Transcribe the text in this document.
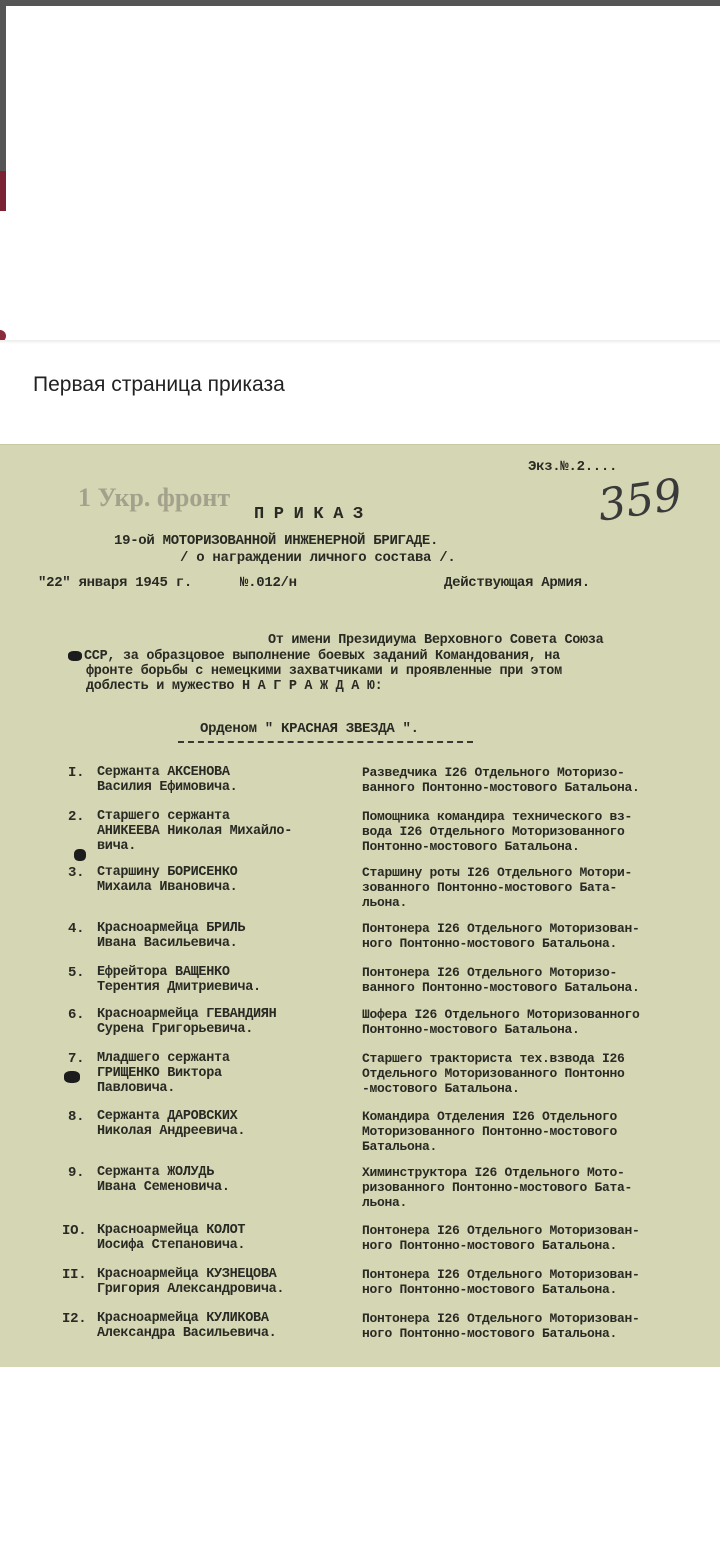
Первая страница приказа
1 Укр. фронт
Экз.№.2....
359
П Р И К А З
19-ой МОТОРИЗОВАННОЙ ИНЖЕНЕРНОЙ БРИГАДЕ.
/ о награждении личного состава /.
"22" января 1945 г.	№.012/н	Действующая Армия.
От имени Президиума Верховного Совета Союза
ССР, за образцовое выполнение боевых заданий Командования, на
фронте борьбы с немецкими захватчиками и проявленные при этом
доблесть и мужество Н А Г Р А Ж Д А Ю:
Орденом " КРАСНАЯ ЗВЕЗДА ".
I. Сержанта АКСЕНОВА
Василия Ефимовича.
Разведчика I26 Отдельного Моторизо-
ванного Понтонно-мостового Батальона.
2. Старшего сержанта
АНИКЕЕВА Николая Михайло-
вича.
Помощника командира технического вз-
вода I26 Отдельного Моторизованного
Понтонно-мостового Батальона.
3. Старшину БОРИСЕНКО
Михаила Ивановича.
Старшину роты I26 Отдельного Мотори-
зованного Понтонно-мостового Бата-
льона.
4. Красноармейца БРИЛЬ
Ивана Васильевича.
Понтонера I26 Отдельного Моторизован-
ного Понтонно-мостового Батальона.
5. Ефрейтора ВАЩЕНКО
Терентия Дмитриевича.
Понтонера I26 Отдельного Моторизо-
ванного Понтонно-мостового Батальона.
6. Красноармейца ГЕВАНДИЯН
Сурена Григорьевича.
Шофера I26 Отдельного Моторизованного
Понтонно-мостового Батальона.
7. Младшего сержанта
ГРИЩЕНКО Виктора
Павловича.
Старшего тракториста тех.взвода I26
Отдельного Моторизованного Понтонно
-мостового Батальона.
8. Сержанта ДАРОВСКИХ
Николая Андреевича.
Командира Отделения I26 Отдельного
Моторизованного Понтонно-мостового
Батальона.
9. Сержанта ЖОЛУДЬ
Ивана Семеновича.
Химинструктора I26 Отдельного Мото-
ризованного Понтонно-мостового Бата-
льона.
IO. Красноармейца КОЛОТ
Иосифа Степановича.
Понтонера I26 Отдельного Моторизован-
ного Понтонно-мостового Батальона.
II. Красноармейца КУЗНЕЦОВА
Григория Александровича.
Понтонера I26 Отдельного Моторизован-
ного Понтонно-мостового Батальона.
I2. Красноармейца КУЛИКОВА
Александра Васильевича.
Понтонера I26 Отдельного Моторизован-
ного Понтонно-мостового Батальона.
